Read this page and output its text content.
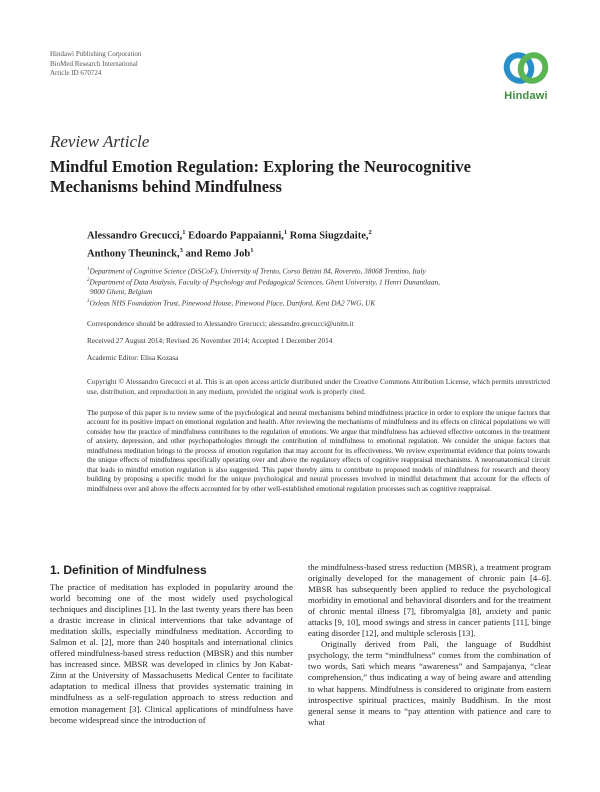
Hindawi Publishing Corporation
BioMed Research International
Article ID 670724
Hindawi
Review Article
Mindful Emotion Regulation: Exploring the Neurocognitive Mechanisms behind Mindfulness
Alessandro Grecucci,$^1$ Edoardo Pappaianni,$^1$ Roma Siugzdaite,$^2$
Anthony Theuninck,$^3$ and Remo Job$^1$
$^1$Department of Cognitive Science (DiSCoF), University of Trento, Corso Bettini 84, Rovereto, 38068 Trentino, Italy
$^2$Department of Data Analysis, Faculty of Psychology and Pedagogical Sciences, Ghent University, 1 Henri Dunantlaan,
9000 Ghent, Belgium
$^3$Oxleas NHS Foundation Trust, Pinewood House, Pinewood Place, Dartford, Kent DA2 7WG, UK
Correspondence should be addressed to Alessandro Grecucci; alessandro.grecucci@unitn.it
Received 27 August 2014; Revised 26 November 2014; Accepted 1 December 2014
Academic Editor: Elisa Kozasa
Copyright © Alessandro Grecucci et al. This is an open access article distributed under the Creative Commons Attribution License, which permits unrestricted use, distribution, and reproduction in any medium, provided the original work is properly cited.
The purpose of this paper is to review some of the psychological and neural mechanisms behind mindfulness practice in order to explore the unique factors that account for its positive impact on emotional regulation and health. After reviewing the mechanisms of mindfulness and its effects on clinical populations we will consider how the practice of mindfulness contributes to the regulation of emotions. We argue that mindfulness has achieved effective outcomes in the treatment of anxiety, depression, and other psychopathologies through the contribution of mindfulness to emotional regulation. We consider the unique factors that mindfulness meditation brings to the process of emotion regulation that may account for its effectiveness. We review experimental evidence that points towards the unique effects of mindfulness specifically operating over and above the regulatory effects of cognitive reappraisal mechanisms. A neuroanatomical circuit that leads to mindful emotion regulation is also suggested. This paper thereby aims to contribute to proposed models of mindfulness for research and theory building by proposing a specific model for the unique psychological and neural processes involved in mindful detachment that account for the effects of mindfulness over and above the effects accounted for by other well-established emotional regulation processes such as cognitive reappraisal.
1. Definition of Mindfulness

The practice of meditation has exploded in popularity around the world becoming one of the most widely used psychological techniques and disciplines [1]. In the last twenty years there has been a drastic increase in clinical interventions that take advantage of meditation skills, especially mindfulness meditation. According to Salmon et al. [2], more than 240 hospitals and international clinics offered mindfulness-based stress reduction (MBSR) and this number has increased since. MBSR was developed in clinics by Jon Kabat-Zinn at the University of Massachusetts Medical Center to facilitate adaptation to medical illness that provides systematic training in mindfulness as a self-regulation approach to stress reduction and emotion management [3]. Clinical applications of mindfulness have become widespread since the introduction of

the mindfulness-based stress reduction (MBSR), a treatment program originally developed for the management of chronic pain [4–6]. MBSR has subsequently been applied to reduce the psychological morbidity in emotional and behavioral disorders and for the treatment of chronic mental illness [7], fibromyalgia [8], anxiety and panic attacks [9, 10], mood swings and stress in cancer patients [11], binge eating disorder [12], and multiple sclerosis [13].

Originally derived from Pali, the language of Buddhist psychology, the term “mindfulness” comes from the combination of two words, Sati which means “awareness” and Sampajanya, “clear comprehension,” thus indicating a way of being aware and attending to what happens. Mindfulness is considered to originate from eastern introspective spiritual practices, mainly Buddhism. In the most general sense it means to “pay attention with patience and care to what
